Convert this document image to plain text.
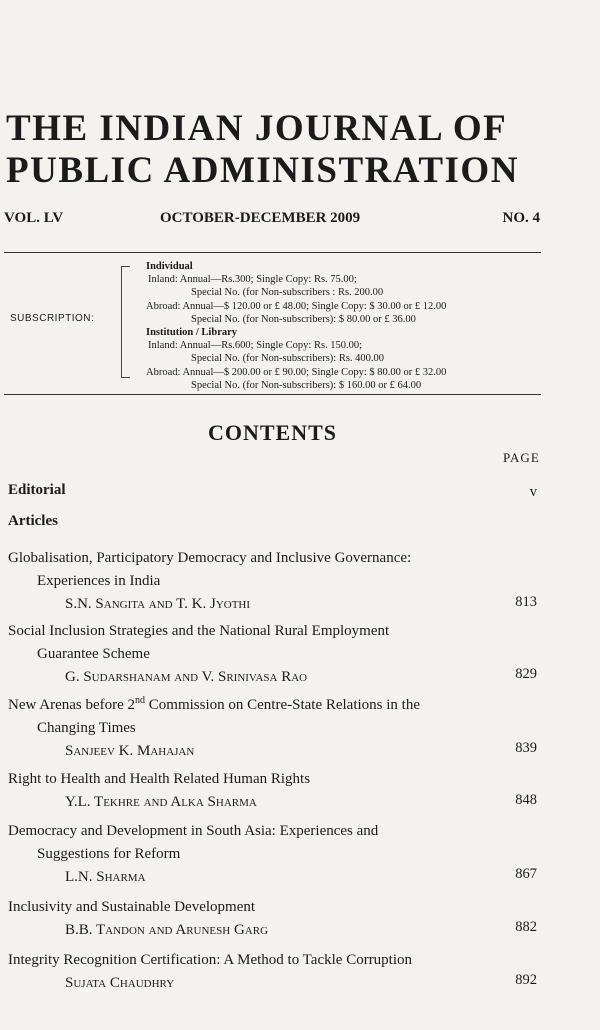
THE INDIAN JOURNAL OF
PUBLIC ADMINISTRATION
VOL. LV	OCTOBER-DECEMBER 2009	NO. 4
SUBSCRIPTION:
Individual
Inland: Annual—Rs.300; Single Copy: Rs. 75.00;
Special No. (for Non-subscribers : Rs. 200.00
Abroad: Annual—$ 120.00 or £ 48.00; Single Copy: $ 30.00 or £ 12.00
Special No. (for Non-subscribers): $ 80.00 or £ 36.00
Institution / Library
Inland: Annual—Rs.600; Single Copy: Rs. 150.00;
Special No. (for Non-subscribers): Rs. 400.00
Abroad: Annual—$ 200.00 or £ 90.00; Single Copy: $ 80.00 or £ 32.00
Special No. (for Non-subscribers): $ 160.00 or £ 64.00
CONTENTS
PAGE
Editorial	v
Articles
Globalisation, Participatory Democracy and Inclusive Governance:
Experiences in India
S.N. Sangita and T. K. Jyothi	813
Social Inclusion Strategies and the National Rural Employment
Guarantee Scheme
G. Sudarshanam and V. Srinivasa Rao	829
New Arenas before 2nd Commission on Centre-State Relations in the
Changing Times
Sanjeev K. Mahajan	839
Right to Health and Health Related Human Rights
Y.L. Tekhre and Alka Sharma	848
Democracy and Development in South Asia: Experiences and
Suggestions for Reform
L.N. Sharma	867
Inclusivity and Sustainable Development
B.B. Tandon and Arunesh Garg	882
Integrity Recognition Certification: A Method to Tackle Corruption
Sujata Chaudhry	892
